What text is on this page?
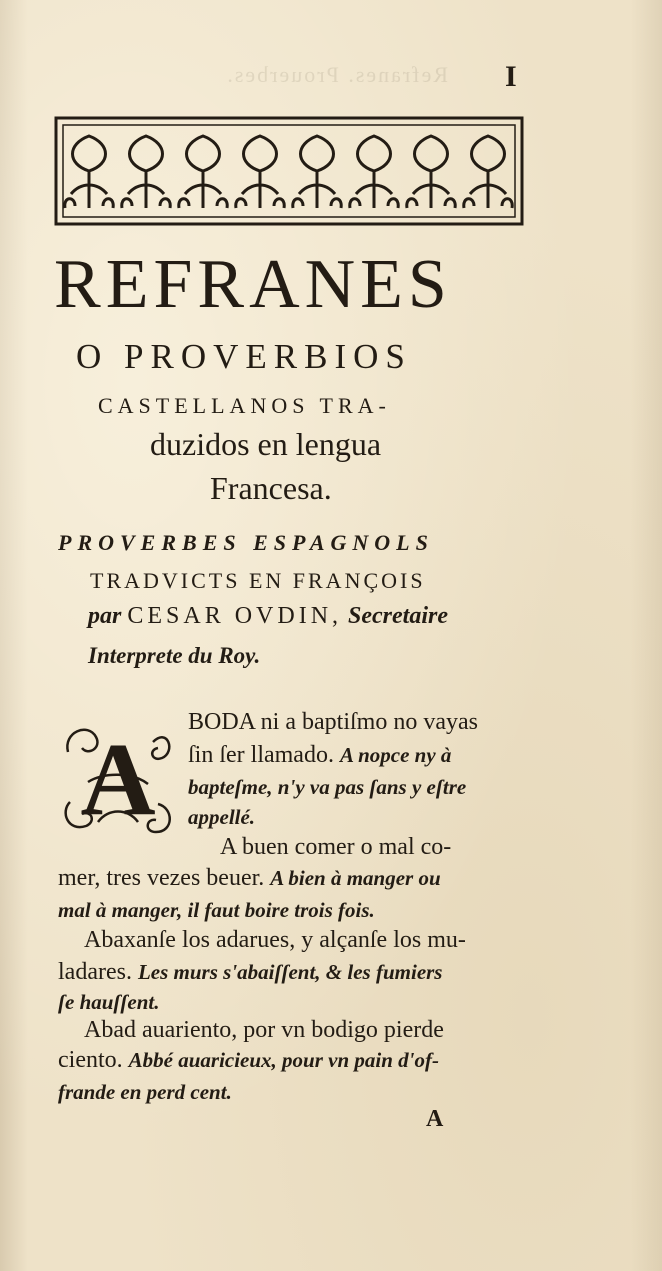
Refranes. Prouerbes. I
REFRANES
O PROVERBIOS
CASTELLANOS TRA-
duzidos en lengua
Francesa.
PROVERBES ESPAGNOLS
TRADVICTS EN FRANÇOIS
par CESAR OVDIN, Secretaire
Interprete du Roy.
A BODA ni a baptiſmo no vayas
ſin ſer llamado. A nopce ny à
bapteſme, n'y va pas ſans y eſtre
appellé.
A buen comer o mal co-
mer, tres vezes beuer. A bien à manger ou
mal à manger, il faut boire trois fois.
Abaxanſe los adarues, y alçanſe los mu-
ladares. Les murs s'abaiſſent, & les fumiers
ſe hauſſent.
Abad auariento, por vn bodigo pierde
ciento. Abbé auaricieux, pour vn pain d'of-
frande en perd cent.
A
